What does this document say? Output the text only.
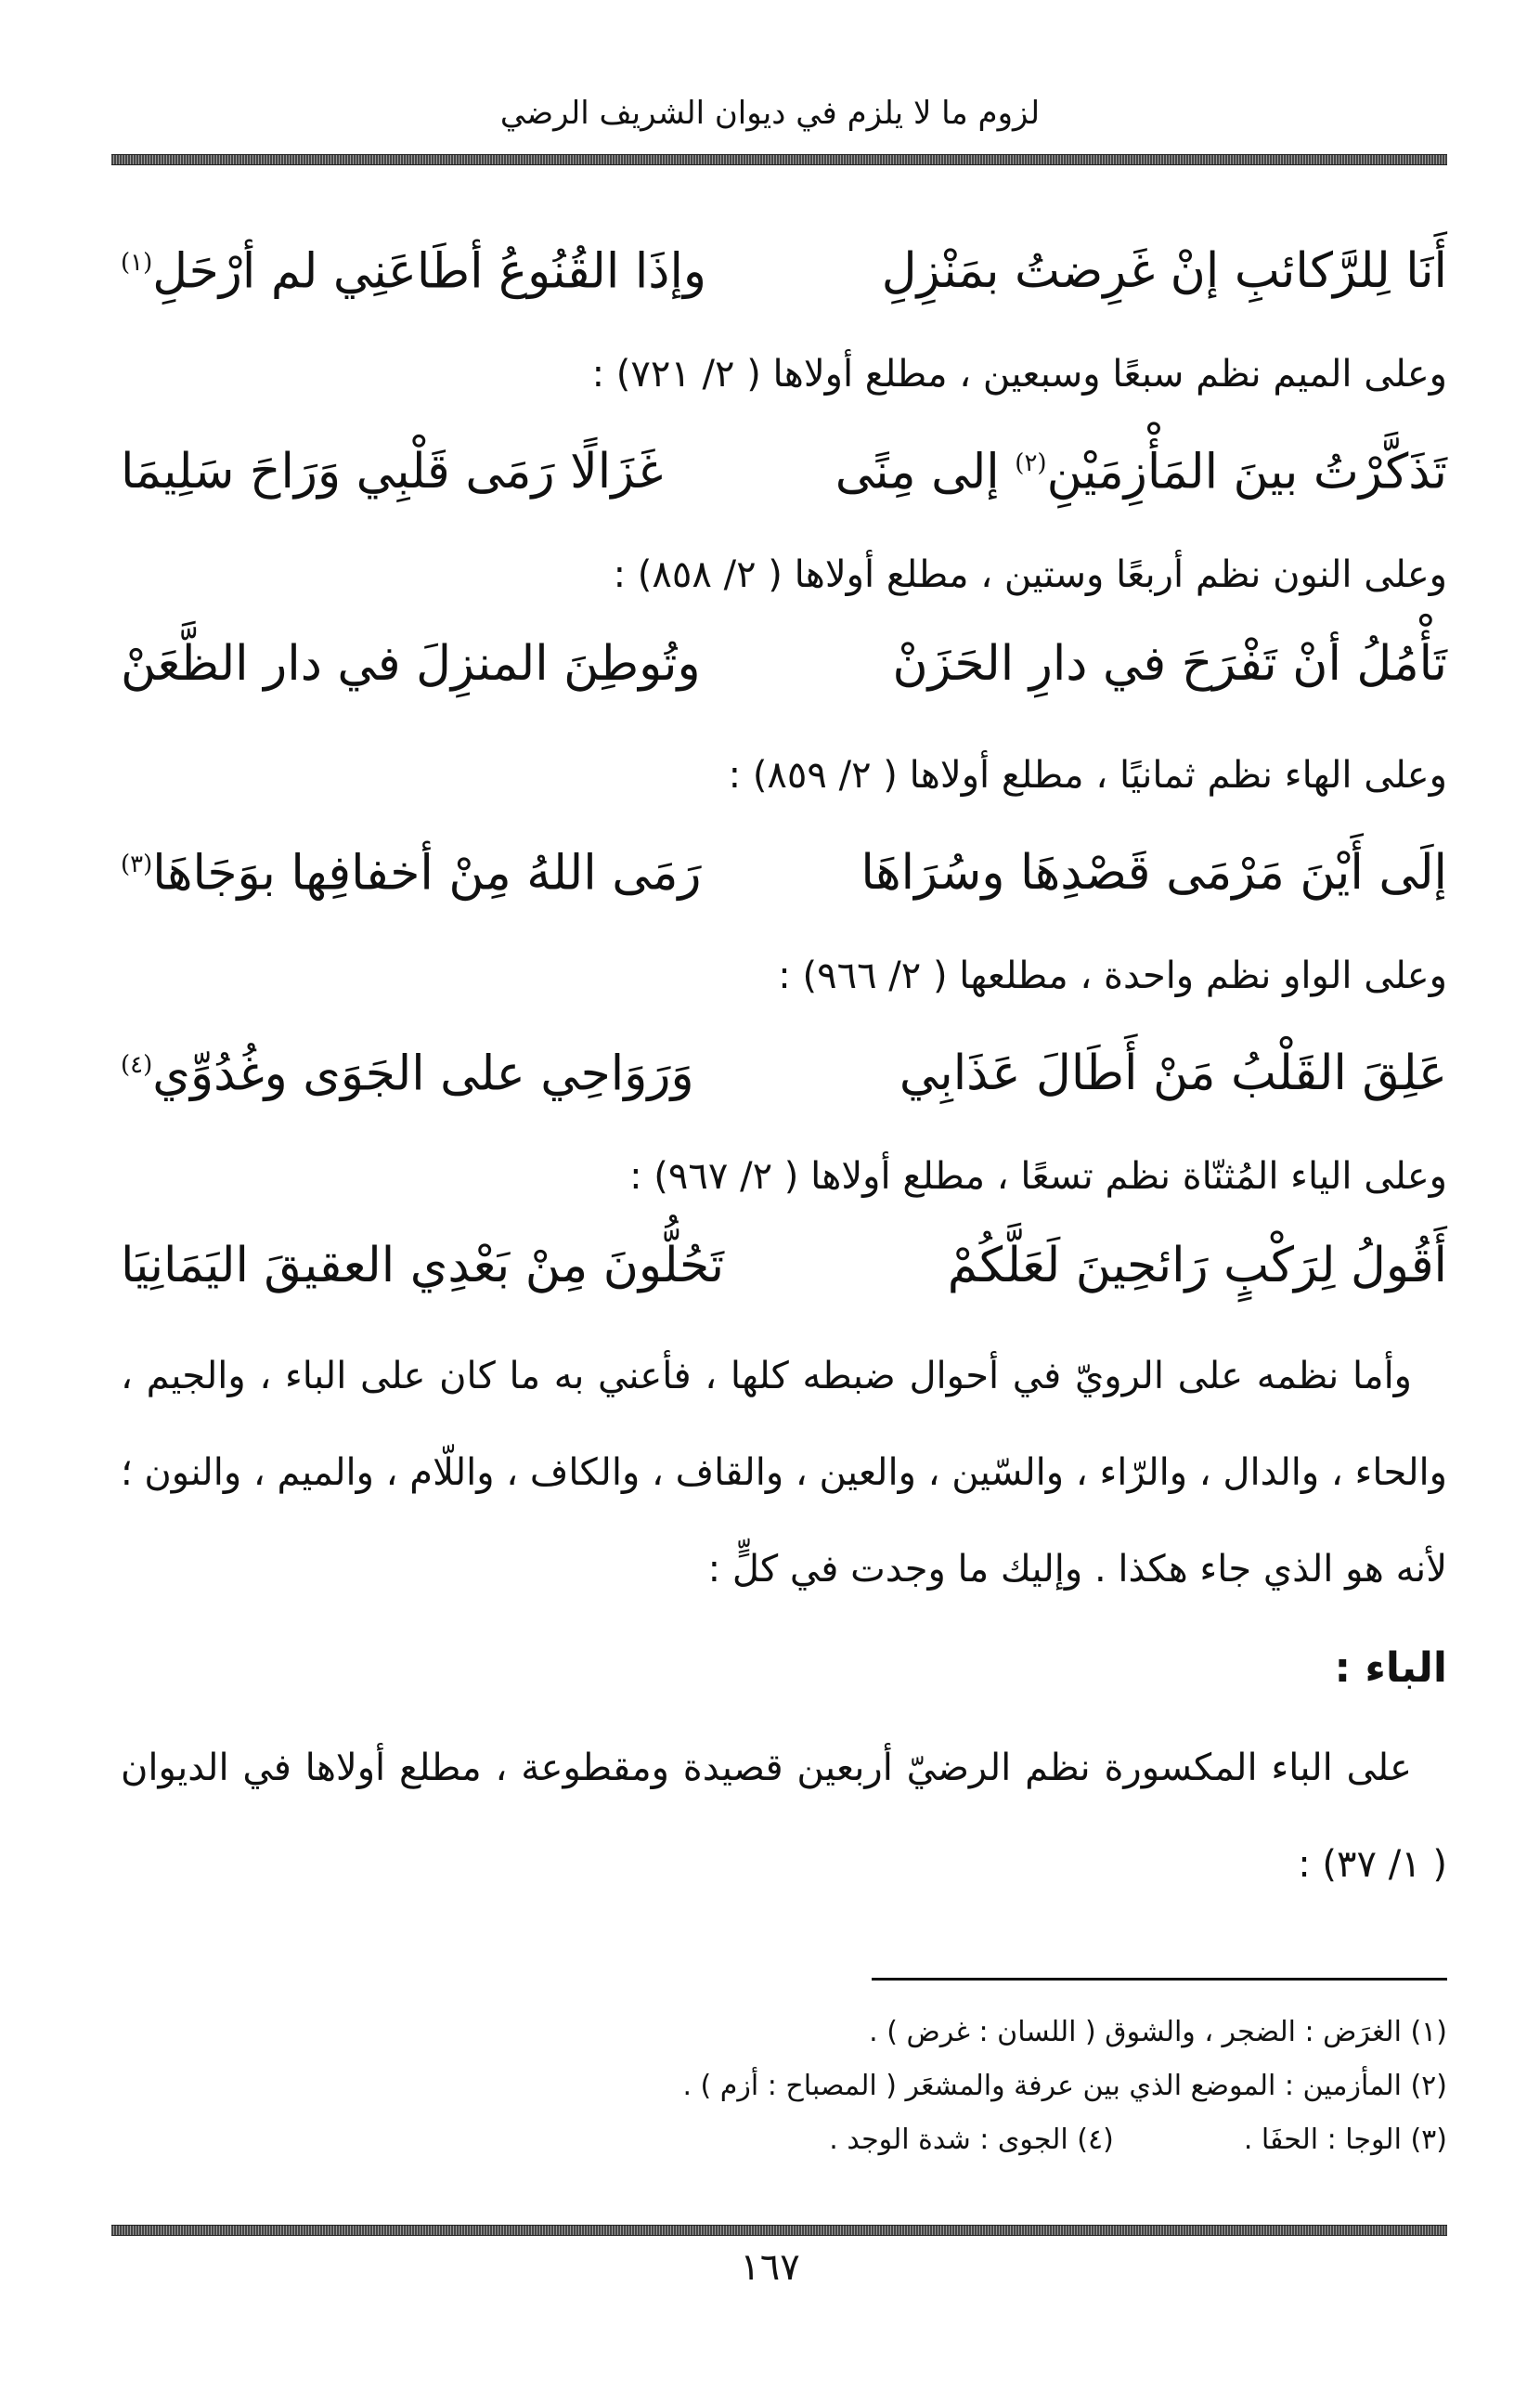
لزوم ما لا يلزم في ديوان الشريف الرضي
أَنَا لِلرَّكائبِ إنْ غَرِضتُ بمَنْزِلِ
وإذَا القُنُوعُ أطَاعَنِي لم أرْحَلِ$^{(١)}$
وعلى الميم نظم سبعًا وسبعين ، مطلع أولاها ( ٢/ ٧٢١) :
تَذَكَّرْتُ بينَ المَأْزِمَيْنِ$^{(٢)}$ إلى مِنًى
غَزَالًا رَمَى قَلْبِي وَرَاحَ سَلِيمَا
وعلى النون نظم أربعًا وستين ، مطلع أولاها ( ٢/ ٨٥٨) :
تَأْمُلُ أنْ تَفْرَحَ في دارِ الحَزَنْ
وتُوطِنَ المنزِلَ في دار الظَّعَنْ
وعلى الهاء نظم ثمانيًا ، مطلع أولاها ( ٢/ ٨٥٩) :
إلَى أَيْنَ مَرْمَى قَصْدِهَا وسُرَاهَا
رَمَى اللهُ مِنْ أخفافِها بوَجَاهَا$^{(٣)}$
وعلى الواو نظم واحدة ، مطلعها ( ٢/ ٩٦٦) :
عَلِقَ القَلْبُ مَنْ أَطَالَ عَذَابِي
وَرَوَاحِي على الجَوَى وغُدُوِّي$^{(٤)}$
وعلى الياء المُثنّاة نظم تسعًا ، مطلع أولاها ( ٢/ ٩٦٧) :
أَقُولُ لِرَكْبٍ رَائحِينَ لَعَلَّكُمْ
تَحُلُّونَ مِنْ بَعْدِي العقيقَ اليَمَانِيَا
وأما نظمه على الرويّ في أحوال ضبطه كلها ، فأعني به ما كان على الباء ، والجيم ، والحاء ، والدال ، والرّاء ، والسّين ، والعين ، والقاف ، والكاف ، واللّام ، والميم ، والنون ؛ لأنه هو الذي جاء هكذا . وإليك ما وجدت في كلٍّ :
الباء :
على الباء المكسورة نظم الرضيّ أربعين قصيدة ومقطوعة ، مطلع أولاها في الديوان ( ١/ ٣٧) :
(١) الغرَض : الضجر ، والشوق ( اللسان : غرض ) .
(٢) المأزمين : الموضع الذي بين عرفة والمشعَر ( المصباح : أزم ) .
(٣) الوجا : الحفَا .
(٤) الجوى : شدة الوجد .
١٦٧
